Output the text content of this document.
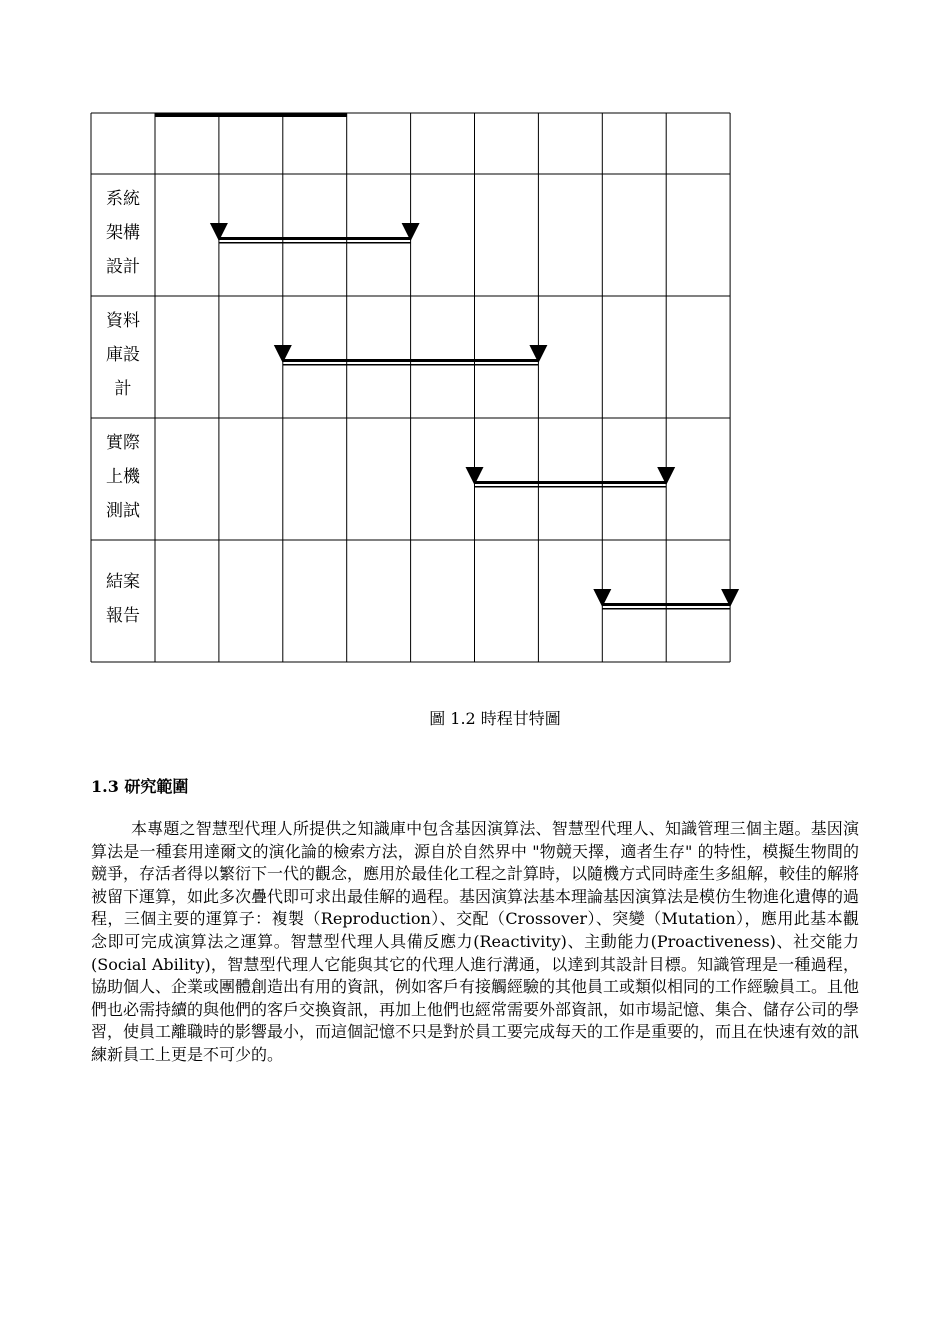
系統
架構
設計
資料
庫設
計
實際
上機
測試
結案
報告
圖 1.2 時程甘特圖
1.3 研究範圍

本專題之智慧型代理人所提供之知識庫中包含基因演算法、智慧型代理人、知識管理三個主題。基因演算法是一種套用達爾文的演化論的檢索方法，源自於自然界中 "物競天擇，適者生存" 的特性，模擬生物間的競爭，存活者得以繁衍下一代的觀念，應用於最佳化工程之計算時，以隨機方式同時產生多組解，較佳的解將被留下運算，如此多次疊代即可求出最佳解的過程。基因演算法基本理論基因演算法是模仿生物進化遺傳的過程，三個主要的運算子：複製（Reproduction）、交配（Crossover）、突變（Mutation），應用此基本觀念即可完成演算法之運算。智慧型代理人具備反應力(Reactivity)、主動能力(Proactiveness)、社交能力(Social Ability)，智慧型代理人它能與其它的代理人進行溝通，以達到其設計目標。知識管理是一種過程，協助個人、企業或團體創造出有用的資訊，例如客戶有接觸經驗的其他員工或類似相同的工作經驗員工。且他們也必需持續的與他們的客戶交換資訊，再加上他們也經常需要外部資訊，如市場記憶、集合、儲存公司的學習，使員工離職時的影響最小，而這個記憶不只是對於員工要完成每天的工作是重要的，而且在快速有效的訊練新員工上更是不可少的。
